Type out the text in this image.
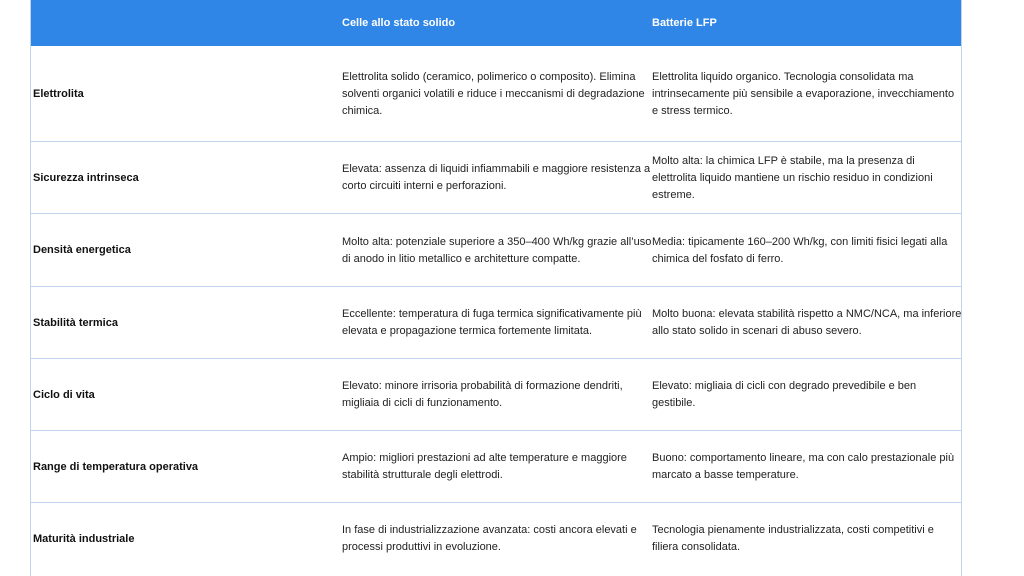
Celle allo stato solido	Batterie LFP
Elettrolita
Elettrolita solido (ceramico, polimerico o composito). Elimina solventi organici volatili e riduce i meccanismi di degradazione chimica.
Elettrolita liquido organico. Tecnologia consolidata ma intrinsecamente più sensibile a evaporazione, invecchiamento e stress termico.
Sicurezza intrinseca
Elevata: assenza di liquidi infiammabili e maggiore resistenza a corto circuiti interni e perforazioni.
Molto alta: la chimica LFP è stabile, ma la presenza di elettrolita liquido mantiene un rischio residuo in condizioni estreme.
Densità energetica
Molto alta: potenziale superiore a 350–400 Wh/kg grazie all’uso di anodo in litio metallico e architetture compatte.
Media: tipicamente 160–200 Wh/kg, con limiti fisici legati alla chimica del fosfato di ferro.
Stabilità termica
Eccellente: temperatura di fuga termica significativamente più elevata e propagazione termica fortemente limitata.
Molto buona: elevata stabilità rispetto a NMC/NCA, ma inferiore allo stato solido in scenari di abuso severo.
Ciclo di vita
Elevato: minore irrisoria probabilità di formazione dendriti, migliaia di cicli di funzionamento.
Elevato: migliaia di cicli con degrado prevedibile e ben gestibile.
Range di temperatura operativa
Ampio: migliori prestazioni ad alte temperature e maggiore stabilità strutturale degli elettrodi.
Buono: comportamento lineare, ma con calo prestazionale più marcato a basse temperature.
Maturità industriale
In fase di industrializzazione avanzata: costi ancora elevati e processi produttivi in evoluzione.
Tecnologia pienamente industrializzata, costi competitivi e filiera consolidata.
